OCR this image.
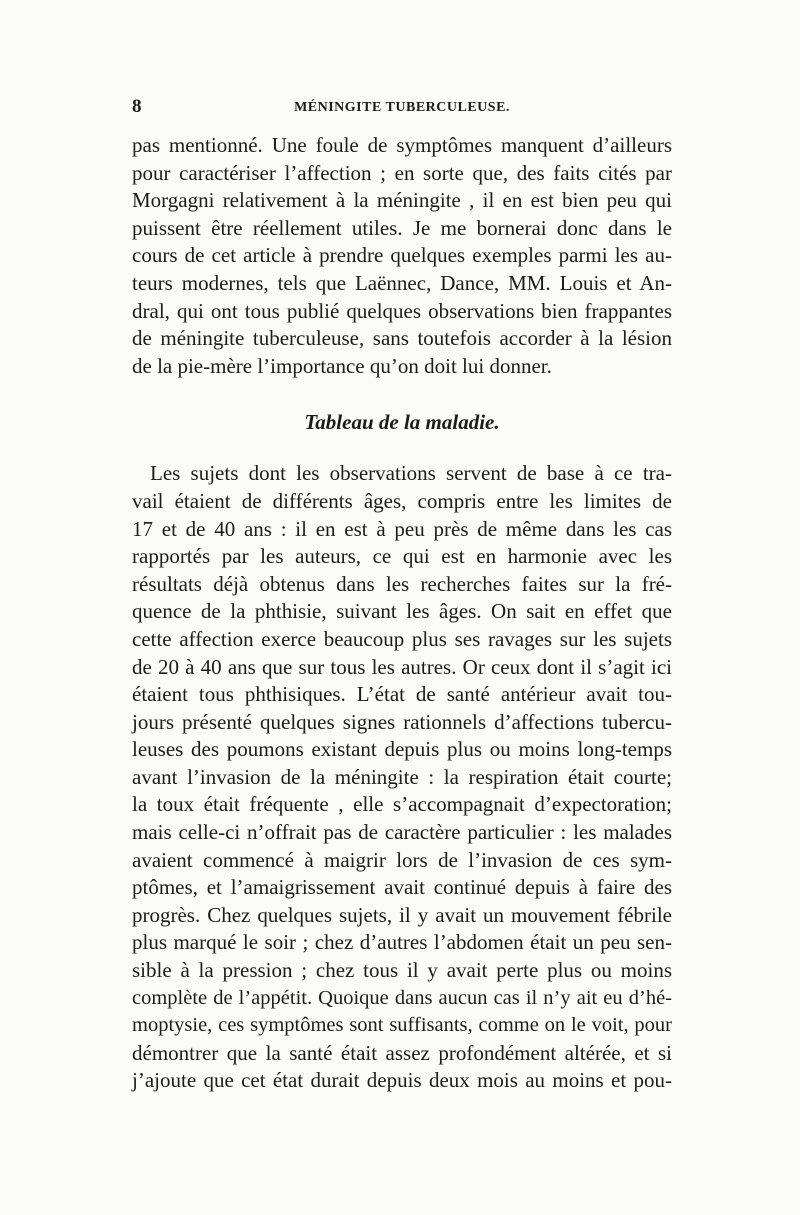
8	MÉNINGITE TUBERCULEUSE.
pas mentionné. Une foule de symptômes manquent d’ailleurs
pour caractériser l’affection ; en sorte que, des faits cités par
Morgagni relativement à la méningite , il en est bien peu qui
puissent être réellement utiles. Je me bornerai donc dans le
cours de cet article à prendre quelques exemples parmi les au-
teurs modernes, tels que Laënnec, Dance, MM. Louis et An-
dral, qui ont tous publié quelques observations bien frappantes
de méningite tuberculeuse, sans toutefois accorder à la lésion
de la pie-mère l’importance qu’on doit lui donner.
Tableau de la maladie.
Les sujets dont les observations servent de base à ce tra-
vail étaient de différents âges, compris entre les limites de
17 et de 40 ans : il en est à peu près de même dans les cas
rapportés par les auteurs, ce qui est en harmonie avec les
résultats déjà obtenus dans les recherches faites sur la fré-
quence de la phthisie, suivant les âges. On sait en effet que
cette affection exerce beaucoup plus ses ravages sur les sujets
de 20 à 40 ans que sur tous les autres. Or ceux dont il s’agit ici
étaient tous phthisiques. L’état de santé antérieur avait tou-
jours présenté quelques signes rationnels d’affections tubercu-
leuses des poumons existant depuis plus ou moins long-temps
avant l’invasion de la méningite : la respiration était courte;
la toux était fréquente , elle s’accompagnait d’expectoration;
mais celle-ci n’offrait pas de caractère particulier : les malades
avaient commencé à maigrir lors de l’invasion de ces sym-
ptômes, et l’amaigrissement avait continué depuis à faire des
progrès. Chez quelques sujets, il y avait un mouvement fébrile
plus marqué le soir ; chez d’autres l’abdomen était un peu sen-
sible à la pression ; chez tous il y avait perte plus ou moins
complète de l’appétit. Quoique dans aucun cas il n’y ait eu d’hé-
moptysie, ces symptômes sont suffisants, comme on le voit, pour
démontrer que la santé était assez profondément altérée, et si
j’ajoute que cet état durait depuis deux mois au moins et pou-
